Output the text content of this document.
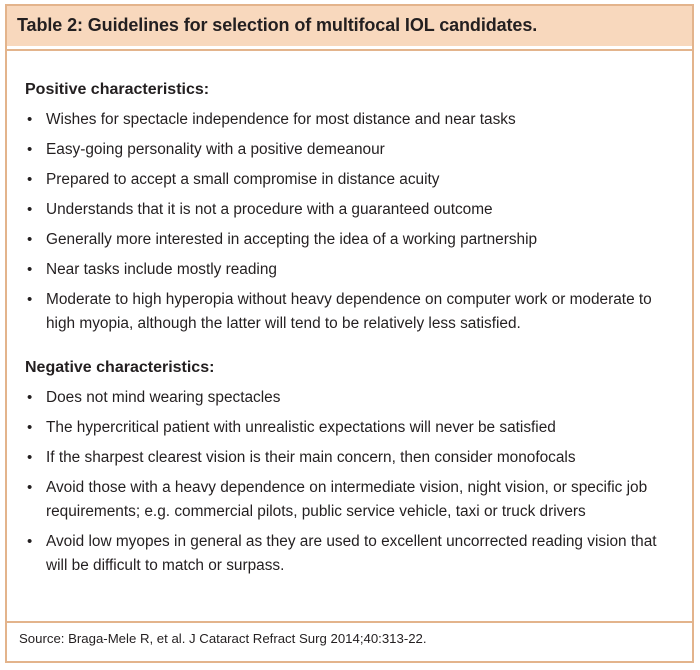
Table 2: Guidelines for selection of multifocal IOL candidates.
Positive characteristics:
• Wishes for spectacle independence for most distance and near tasks
• Easy-going personality with a positive demeanour
• Prepared to accept a small compromise in distance acuity
• Understands that it is not a procedure with a guaranteed outcome
• Generally more interested in accepting the idea of a working partnership
• Near tasks include mostly reading
• Moderate to high hyperopia without heavy dependence on computer work or moderate to high myopia, although the latter will tend to be relatively less satisfied.
Negative characteristics:
• Does not mind wearing spectacles
• The hypercritical patient with unrealistic expectations will never be satisfied
• If the sharpest clearest vision is their main concern, then consider monofocals
• Avoid those with a heavy dependence on intermediate vision, night vision, or specific job requirements; e.g. commercial pilots, public service vehicle, taxi or truck drivers
• Avoid low myopes in general as they are used to excellent uncorrected reading vision that will be difficult to match or surpass.
Source: Braga-Mele R, et al. J Cataract Refract Surg 2014;40:313-22.
